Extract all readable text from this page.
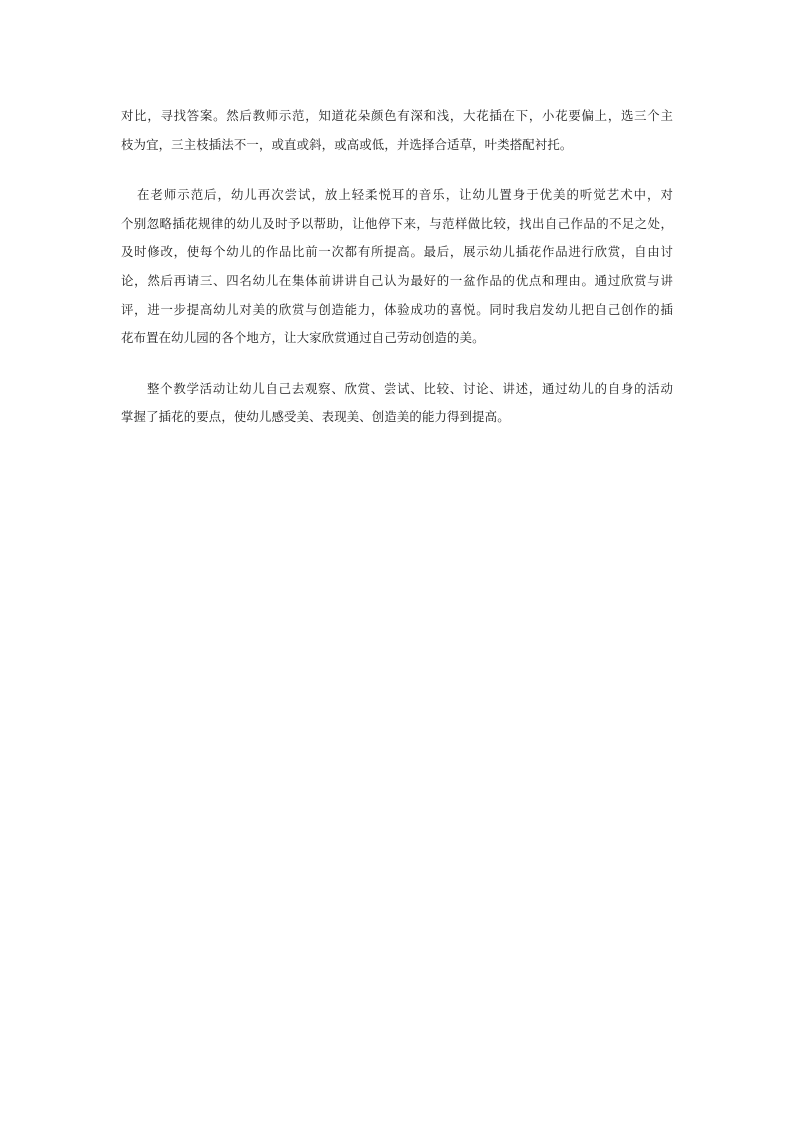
对比，寻找答案。然后教师示范，知道花朵颜色有深和浅，大花插在下，小花要偏上，选三个主
枝为宜，三主枝插法不一，或直或斜，或高或低，并选择合适草，叶类搭配衬托。

在老师示范后，幼儿再次尝试，放上轻柔悦耳的音乐，让幼儿置身于优美的听觉艺术中，对
个别忽略插花规律的幼儿及时予以帮助，让他停下来，与范样做比较，找出自己作品的不足之处，
及时修改，使每个幼儿的作品比前一次都有所提高。最后，展示幼儿插花作品进行欣赏，自由讨
论，然后再请三、四名幼儿在集体前讲讲自己认为最好的一盆作品的优点和理由。通过欣赏与讲
评，进一步提高幼儿对美的欣赏与创造能力，体验成功的喜悦。同时我启发幼儿把自己创作的插
花布置在幼儿园的各个地方，让大家欣赏通过自己劳动创造的美。

整个教学活动让幼儿自己去观察、欣赏、尝试、比较、讨论、讲述，通过幼儿的自身的活动
掌握了插花的要点，使幼儿感受美、表现美、创造美的能力得到提高。
